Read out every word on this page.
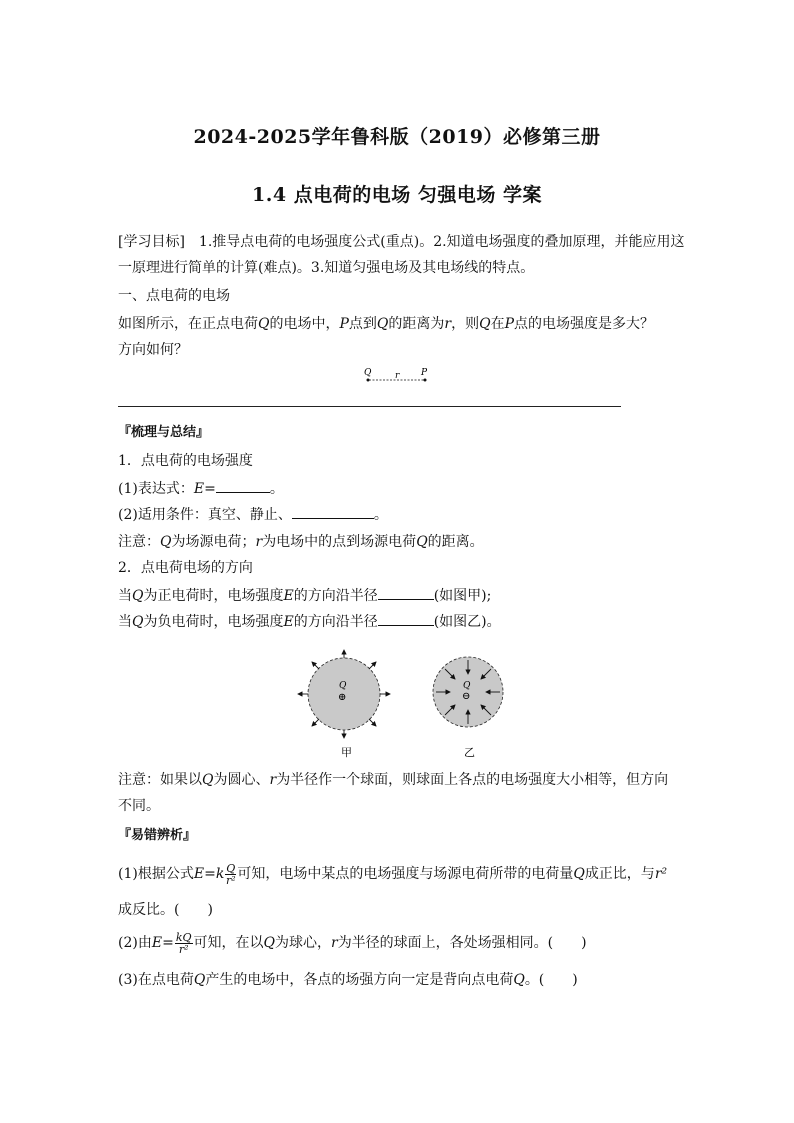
2024-2025学年鲁科版（2019）必修第三册
1.4 点电荷的电场 匀强电场 学案
[学习目标]　1.推导点电荷的电场强度公式(重点)。2.知道电场强度的叠加原理，并能应用这
一原理进行简单的计算(难点)。3.知道匀强电场及其电场线的特点。
一、点电荷的电场
如图所示，在正点电荷Q的电场中，P点到Q的距离为r，则Q在P点的电场强度是多大？
方向如何？
Q	r P
『梳理与总结』
1．点电荷的电场强度
(1)表达式：E=	。
(2)适用条件：真空、静止、	。
注意：Q为场源电荷；r为电场中的点到场源电荷Q的距离。
2．点电荷电场的方向
当Q为正电荷时，电场强度E的方向沿半径	(如图甲);
当Q为负电荷时，电场强度E的方向沿半径	(如图乙)。
Q
⊕
甲
Q
⊖
乙
注意：如果以Q为圆心、r为半径作一个球面，则球面上各点的电场强度大小相等，但方向
不同。
『易错辨析』
(1)根据公式$E=k \frac{Q}{\text{r²}}$ 可知，电场中某点的电场强度与场源电荷所带的电荷量Q成正比，与r²
成反比。(　　)
(2)由$E= \frac{kQ}{\text{r²}}$ 可知，在以Q为球心，r为半径的球面上，各处场强相同。(　　)
(3)在点电荷Q产生的电场中，各点的场强方向一定是背向点电荷Q。(　　)
